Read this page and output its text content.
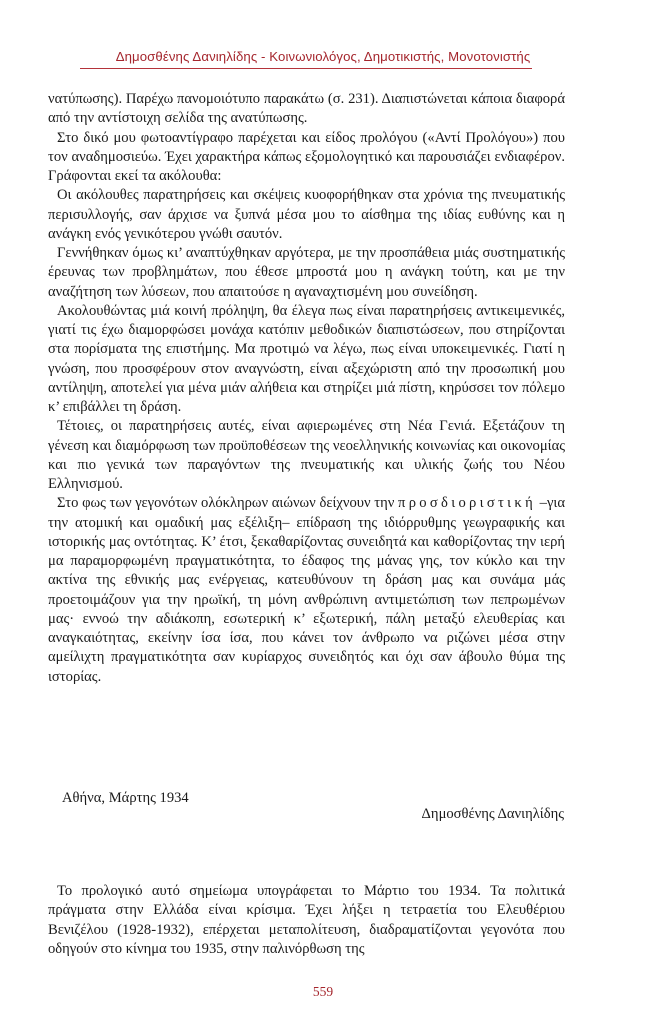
Δημοσθένης Δανιηλίδης - Κοινωνιολόγος, Δημοτικιστής, Μονοτονιστής

νατύπωσης). Παρέχω πανομοιότυπο παρακάτω (σ. 231). Διαπιστώνεται κάποια διαφορά από την αντίστοιχη σελίδα της ανατύπωσης.

Στο δικό μου φωτοαντίγραφο παρέχεται και είδος προλόγου («Αντί Προλόγου») που τον αναδημοσιεύω. Έχει χαρακτήρα κάπως εξομολογητικό και παρουσιάζει ενδιαφέρον. Γράφονται εκεί τα ακόλουθα:

Οι ακόλουθες παρατηρήσεις και σκέψεις κυοφορήθηκαν στα χρόνια της πνευματικής περισυλλογής, σαν άρχισε να ξυπνά μέσα μου το αίσθημα της ιδίας ευθύνης και η ανάγκη ενός γενικότερου γνώθι σαυτόν.

Γεννήθηκαν όμως κι’ αναπτύχθηκαν αργότερα, με την προσπάθεια μιάς συστηματικής έρευνας των προβλημάτων, που έθεσε μπροστά μου η ανάγκη τούτη, και με την αναζήτηση των λύσεων, που απαιτούσε η αγαναχτισμένη μου συνείδηση.

Ακολουθώντας μιά κοινή πρόληψη, θα έλεγα πως είναι παρατηρήσεις αντικειμενικές, γιατί τις έχω διαμορφώσει μονάχα κατόπιν μεθοδικών διαπιστώσεων, που στηρίζονται στα πορίσματα της επιστήμης. Μα προτιμώ να λέγω, πως είναι υποκειμενικές. Γιατί η γνώση, που προσφέρουν στον αναγνώστη, είναι αξεχώριστη από την προσωπική μου αντίληψη, αποτελεί για μένα μιάν αλήθεια και στηρίζει μιά πίστη, κηρύσσει τον πόλεμο κ’ επιβάλλει τη δράση.

Τέτοιες, οι παρατηρήσεις αυτές, είναι αφιερωμένες στη Νέα Γενιά. Εξετάζουν τη γένεση και διαμόρφωση των προϋποθέσεων της νεοελληνικής κοινωνίας και οικονομίας και πιο γενικά των παραγόντων της πνευματικής και υλικής ζωής του Νέου Ελληνισμού.

Στο φως των γεγονότων ολόκληρων αιώνων δείχνουν την προσδιοριστική –για την ατομική και ομαδική μας εξέλιξη– επίδραση της ιδιόρρυθμης γεωγραφικής και ιστορικής μας οντότητας. Κ’ έτσι, ξεκαθαρίζοντας συνειδητά και καθορίζοντας την ιερή μα παραμορφωμένη πραγματικότητα, το έδαφος της μάνας γης, τον κύκλο και την ακτίνα της εθνικής μας ενέργειας, κατευθύνουν τη δράση μας και συνάμα μάς προετοιμάζουν για την ηρωϊκή, τη μόνη ανθρώπινη αντιμετώπιση των πεπρωμένων μας· εννοώ την αδιάκοπη, εσωτερική κ’ εξωτερική, πάλη μεταξύ ελευθερίας και αναγκαιότητας, εκείνην ίσα ίσα, που κάνει τον άνθρωπο να ριζώνει μέσα στην αμείλιχτη πραγματικότητα σαν κυρίαρχος συνειδητός και όχι σαν άβουλο θύμα της ιστορίας.

Αθήνα, Μάρτης 1934
Δημοσθένης Δανιηλίδης

Το προλογικό αυτό σημείωμα υπογράφεται το Μάρτιο του 1934. Τα πολιτικά πράγματα στην Ελλάδα είναι κρίσιμα. Έχει λήξει η τετραετία του Ελευθέριου Βενιζέλου (1928-1932), επέρχεται μεταπολίτευση, διαδραματίζονται γεγονότα που οδηγούν στο κίνημα του 1935, στην παλινόρθωση της

559
